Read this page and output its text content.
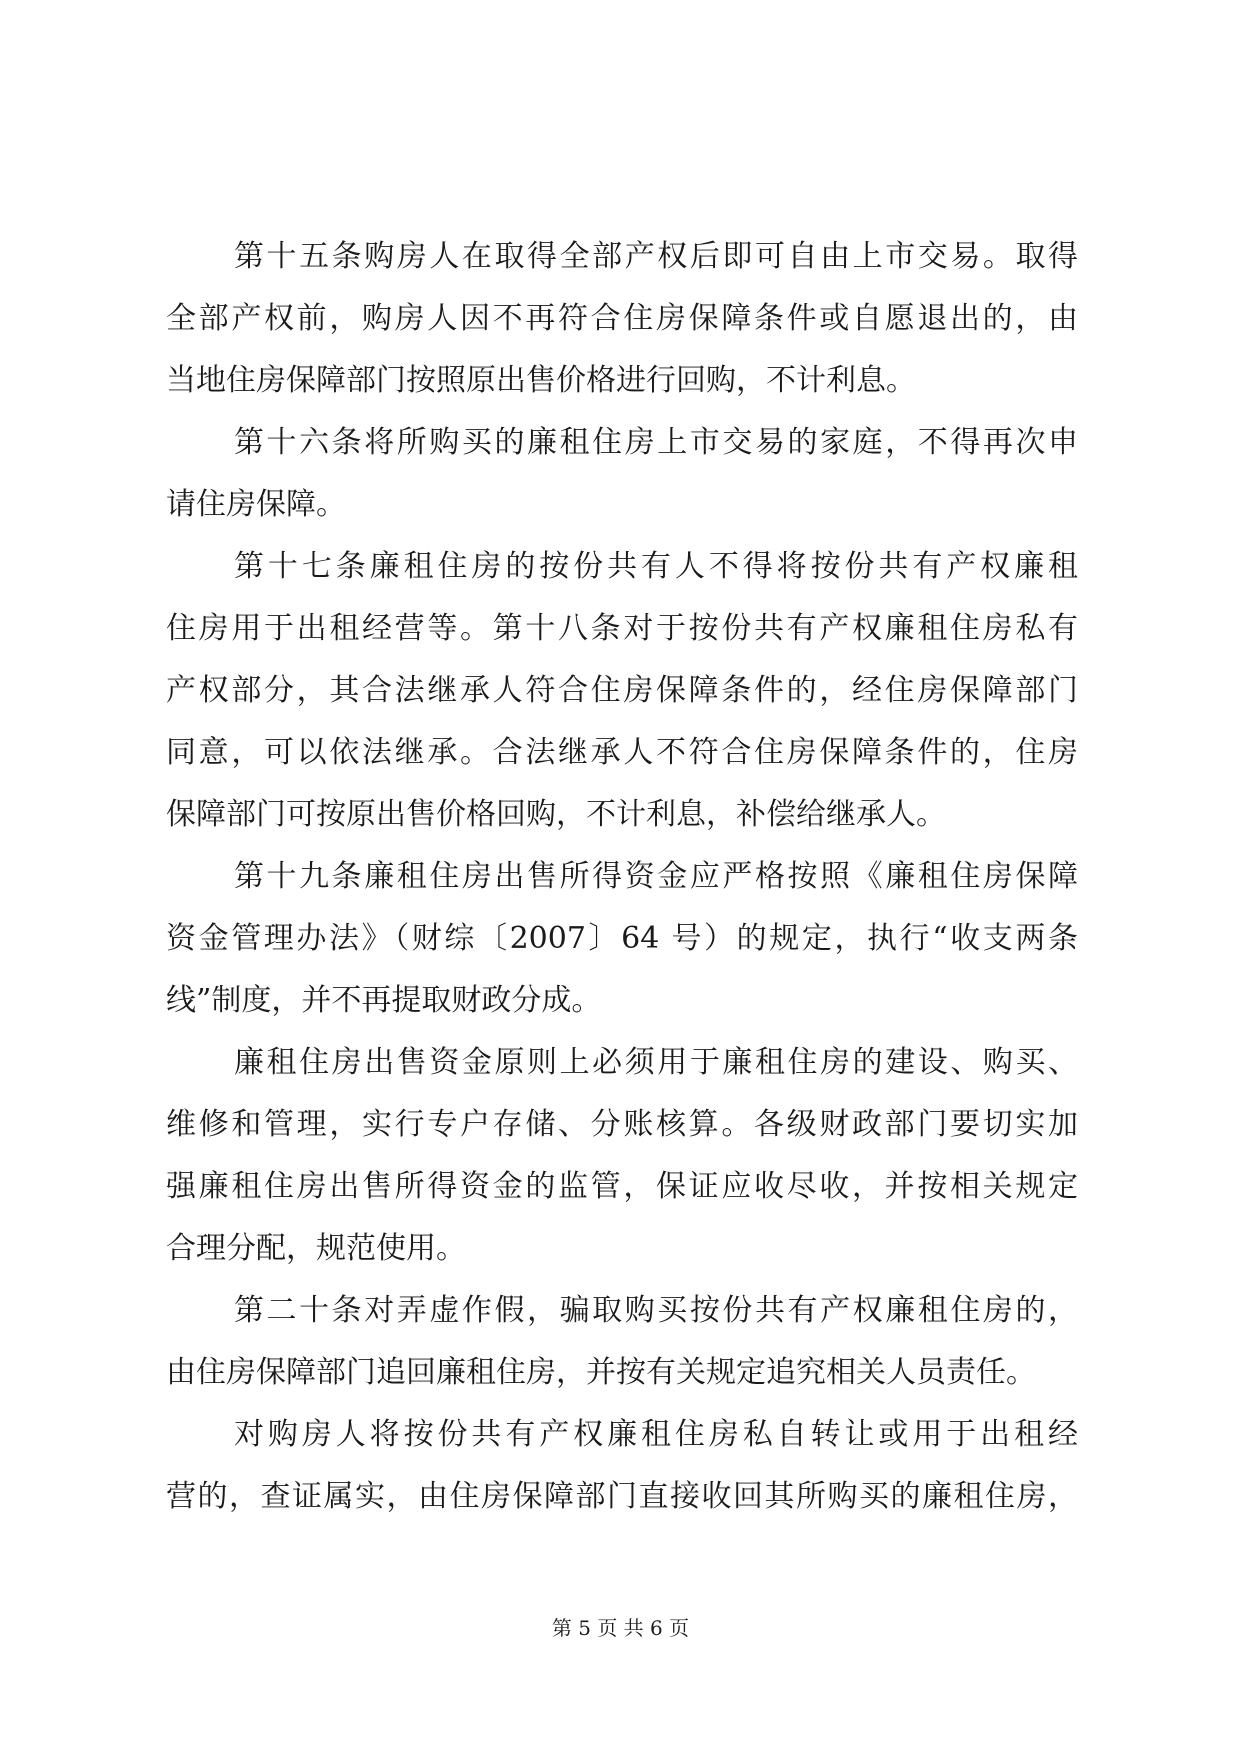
第十五条购房人在取得全部产权后即可自由上市交易。取得
全部产权前，购房人因不再符合住房保障条件或自愿退出的，由
当地住房保障部门按照原出售价格进行回购，不计利息。
第十六条将所购买的廉租住房上市交易的家庭，不得再次申
请住房保障。
第十七条廉租住房的按份共有人不得将按份共有产权廉租
住房用于出租经营等。第十八条对于按份共有产权廉租住房私有
产权部分，其合法继承人符合住房保障条件的，经住房保障部门
同意，可以依法继承。合法继承人不符合住房保障条件的，住房
保障部门可按原出售价格回购，不计利息，补偿给继承人。
第十九条廉租住房出售所得资金应严格按照《廉租住房保障
资金管理办法》（财综〔2007〕64 号）的规定，执行“收支两条
线”制度，并不再提取财政分成。
廉租住房出售资金原则上必须用于廉租住房的建设、购买、
维修和管理，实行专户存储、分账核算。各级财政部门要切实加
强廉租住房出售所得资金的监管，保证应收尽收，并按相关规定
合理分配，规范使用。
第二十条对弄虚作假，骗取购买按份共有产权廉租住房的，
由住房保障部门追回廉租住房，并按有关规定追究相关人员责任。
对购房人将按份共有产权廉租住房私自转让或用于出租经
营的，查证属实，由住房保障部门直接收回其所购买的廉租住房，
第 5 页 共 6 页
